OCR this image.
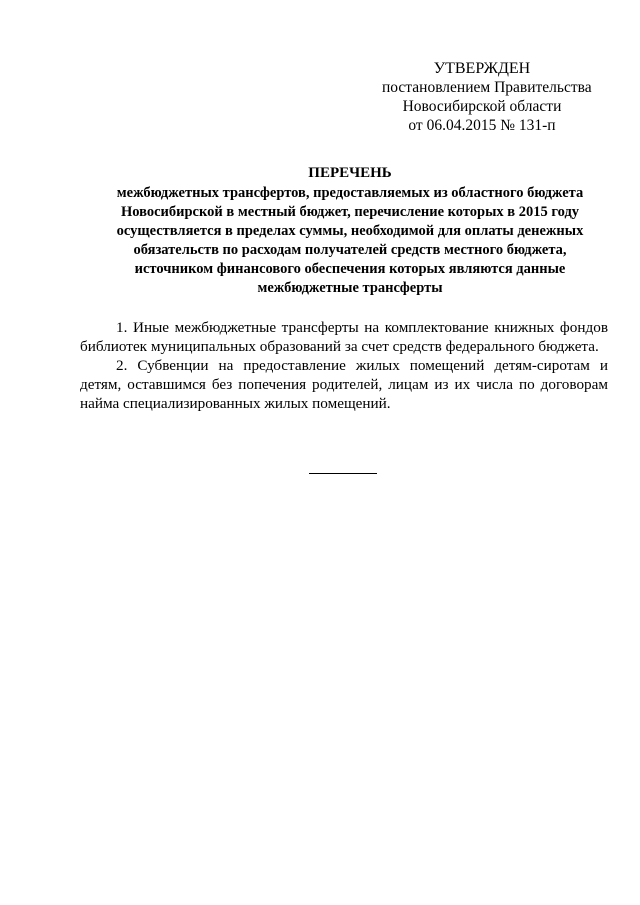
УТВЕРЖДЕН
постановлением Правительства
Новосибирской области
от 06.04.2015 № 131-п
ПЕРЕЧЕНЬ
межбюджетных трансфертов, предоставляемых из областного бюджета
Новосибирской в местный бюджет, перечисление которых в 2015 году
осуществляется в пределах суммы, необходимой для оплаты денежных
обязательств по расходам получателей средств местного бюджета,
источником финансового обеспечения которых являются данные
межбюджетные трансферты

1. Иные межбюджетные трансферты на комплектование книжных фондов библиотек муниципальных образований за счет средств федерального бюджета.

2. Субвенции на предоставление жилых помещений детям-сиротам и детям, оставшимся без попечения родителей, лицам из их числа по договорам найма специализированных жилых помещений.
